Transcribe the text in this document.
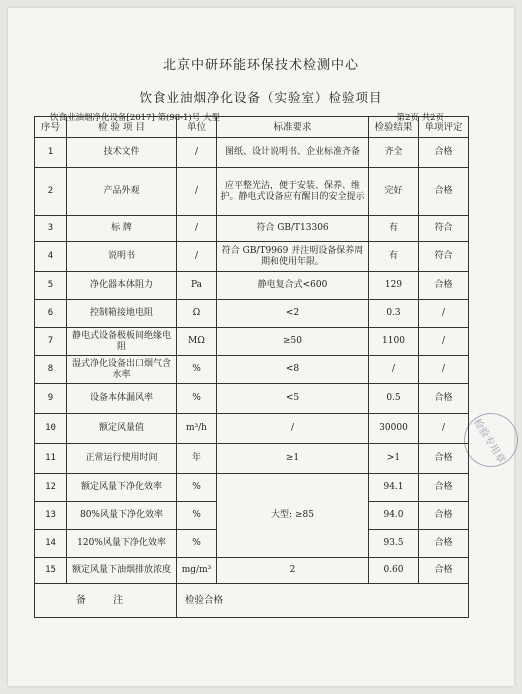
北京中研环能环保技术检测中心
饮食业油烟净化设备（实验室）检验项目
饮食业油烟净化设备[2017] 第(98-1)号 大型	第2页 共2页
检验专用章
序号	检 验 项 目	单位	标准要求	检验结果	单项评定
1	技术文件	/	图纸、设计说明书、企业标准齐备	齐全	合格
2	产品外观	/	应平整光洁，便于安装、保养、维护。静电式设备应有醒目的安全提示	完好	合格
3	标 牌	/	符合 GB/T13306	有	符合
4	说明书	/	符合 GB/T9969 并注明设备保养周期和使用年限。	有	符合
5	净化器本体阻力	Pa	静电复合式<600	129	合格
6	控制箱接地电阻	Ω	<2	0.3	/
7	静电式设备极板间绝缘电阻	MΩ	≥50	1100	/
8	湿式净化设备出口烟气含水率	%	<8	/	/
9	设备本体漏风率	%	<5	0.5	合格
10	额定风量值	m³/h	/	30000	/
11	正常运行使用时间	年	≥1	>1	合格
12	额定风量下净化效率	%	大型: ≥85	94.1	合格
13	80%风量下净化效率	%		94.0	合格
14	120%风量下净化效率	%		93.5	合格
15	额定风量下油烟排放浓度	mg/m³	2	0.60	合格
备 注		检验合格			
